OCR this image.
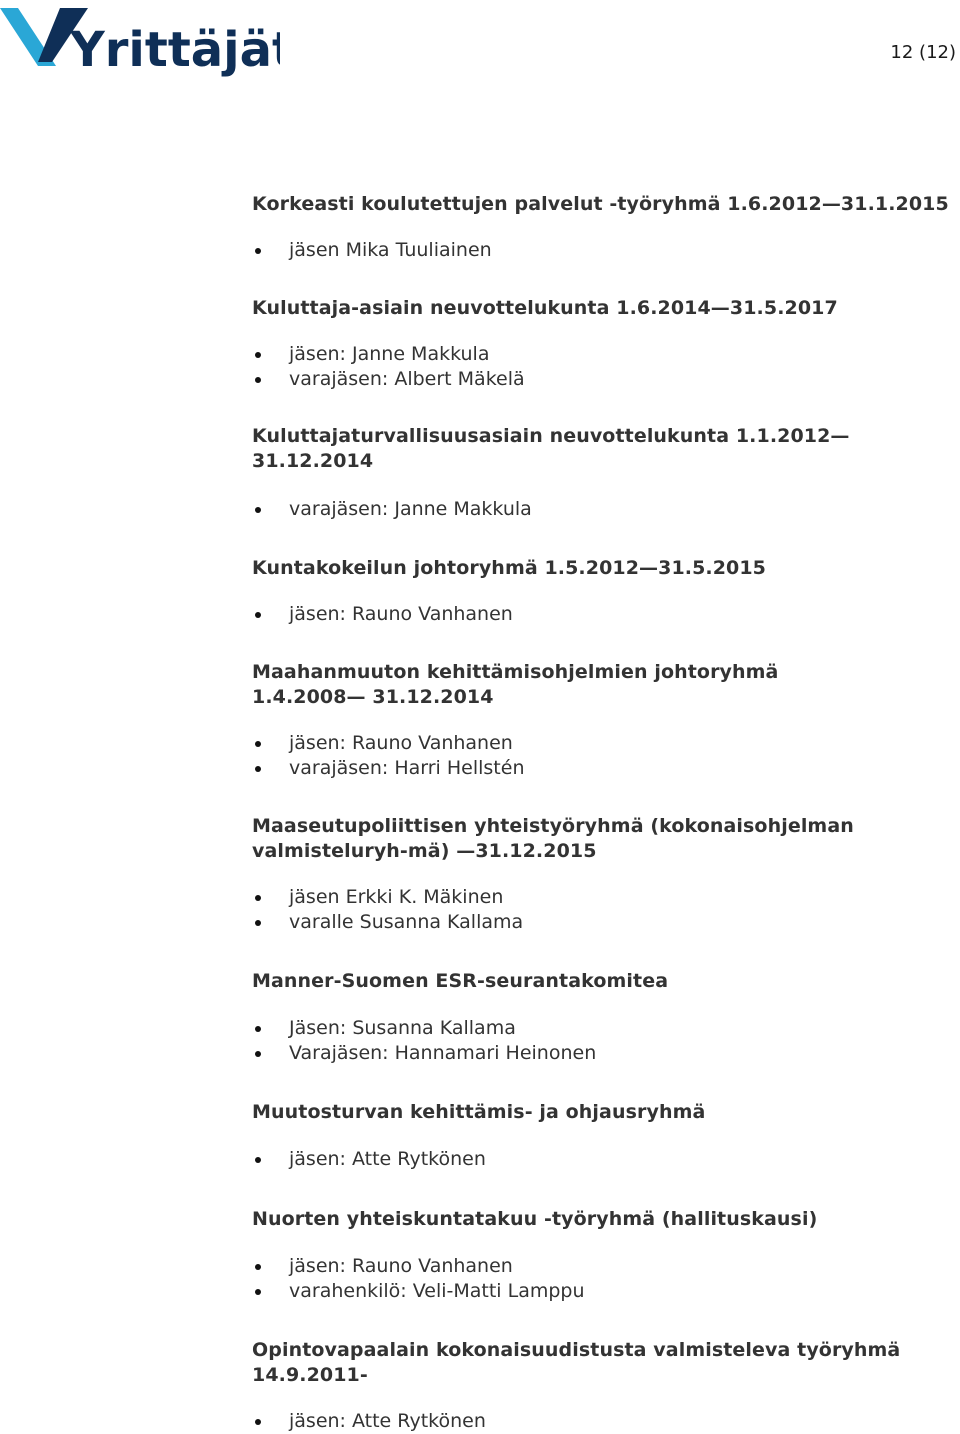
Yrittäjät	12 (12)

Korkeasti koulutettujen palvelut -työryhmä 1.6.2012—31.1.2015

jäsen Mika Tuuliainen

Kuluttaja-asiain neuvottelukunta 1.6.2014—31.5.2017

jäsen: Janne Makkula
varajäsen: Albert Mäkelä

Kuluttajaturvallisuusasiain neuvottelukunta 1.1.2012—31.12.2014

varajäsen: Janne Makkula

Kuntakokeilun johtoryhmä 1.5.2012—31.5.2015

jäsen: Rauno Vanhanen

Maahanmuuton kehittämisohjelmien johtoryhmä 1.4.2008— 31.12.2014

jäsen: Rauno Vanhanen
varajäsen: Harri Hellstén

Maaseutupoliittisen yhteistyöryhmä (kokonaisohjelman valmisteluryh-mä) —31.12.2015

jäsen Erkki K. Mäkinen
varalle Susanna Kallama

Manner-Suomen ESR-seurantakomitea

Jäsen: Susanna Kallama
Varajäsen: Hannamari Heinonen

Muutosturvan kehittämis- ja ohjausryhmä

jäsen: Atte Rytkönen

Nuorten yhteiskuntatakuu -työryhmä (hallituskausi)

jäsen: Rauno Vanhanen
varahenkilö: Veli-Matti Lamppu

Opintovapaalain kokonaisuudistusta valmisteleva työryhmä 14.9.2011-

jäsen: Atte Rytkönen
